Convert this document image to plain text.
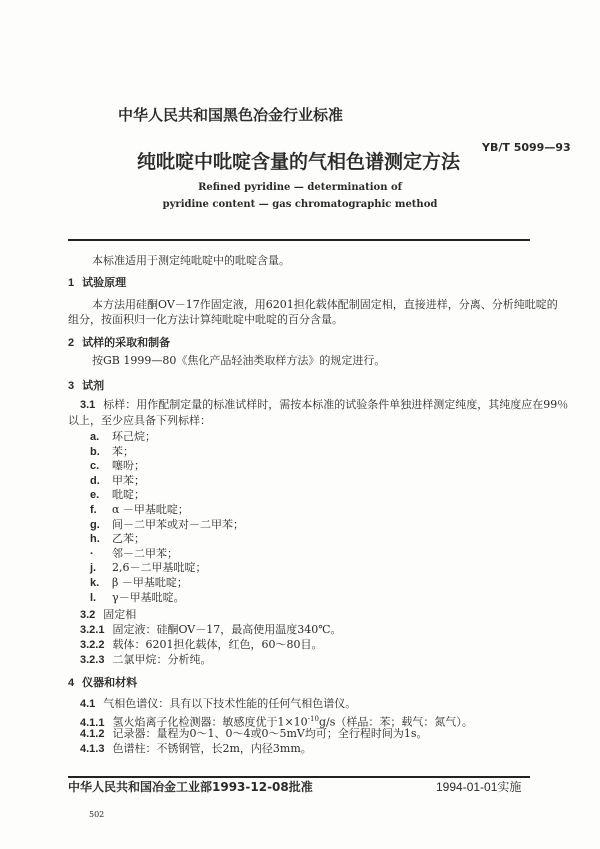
中华人民共和国黑色冶金行业标准
YB/T 5099—93
纯吡啶中吡啶含量的气相色谱测定方法
Refined pyridine — determination of
pyridine content — gas chromatographic method
本标准适用于测定纯吡啶中的吡啶含量。
1 试验原理
本方法用硅酮OV－17作固定液，用6201担化载体配制固定相，直接进样，分离、分析纯吡啶的
组分，按面积归一化方法计算纯吡啶中吡啶的百分含量。
2 试样的采取和制备
按GB 1999—80《焦化产品轻油类取样方法》的规定进行。
3 试剂
3.1 标样：用作配制定量的标准试样时，需按本标准的试验条件单独进样测定纯度，其纯度应在99％
以上，至少应具备下列标样：
a. 环己烷；
b. 苯；
c. 噻吩；
d. 甲苯；
e. 吡啶；
f. α －甲基吡啶；
g. 间－二甲苯或对－二甲苯；
h. 乙苯；
· 邻－二甲苯；
j. 2,6－二甲基吡啶；
k. β －甲基吡啶；
l. γ－甲基吡啶。
3.2 固定相
3.2.1 固定液：硅酮OV－17，最高使用温度340℃。
3.2.2 载体：6201担化载体，红色，60～80目。
3.2.3 二氯甲烷：分析纯。
4 仪器和材料
4.1 气相色谱仪：具有以下技术性能的任何气相色谱仪。
4.1.1 氢火焰离子化检测器：敏感度优于$1\times 10^{-10}g/s$（样品：苯；载气：氮气）。
4.1.2 记录器：量程为0～1、0～4或0～5mV均可；全行程时间为1s。
4.1.3 色谱柱：不锈钢管，长2m，内径3mm。
中华人民共和国冶金工业部1993-12-08批准	1994-01-01实施
502
